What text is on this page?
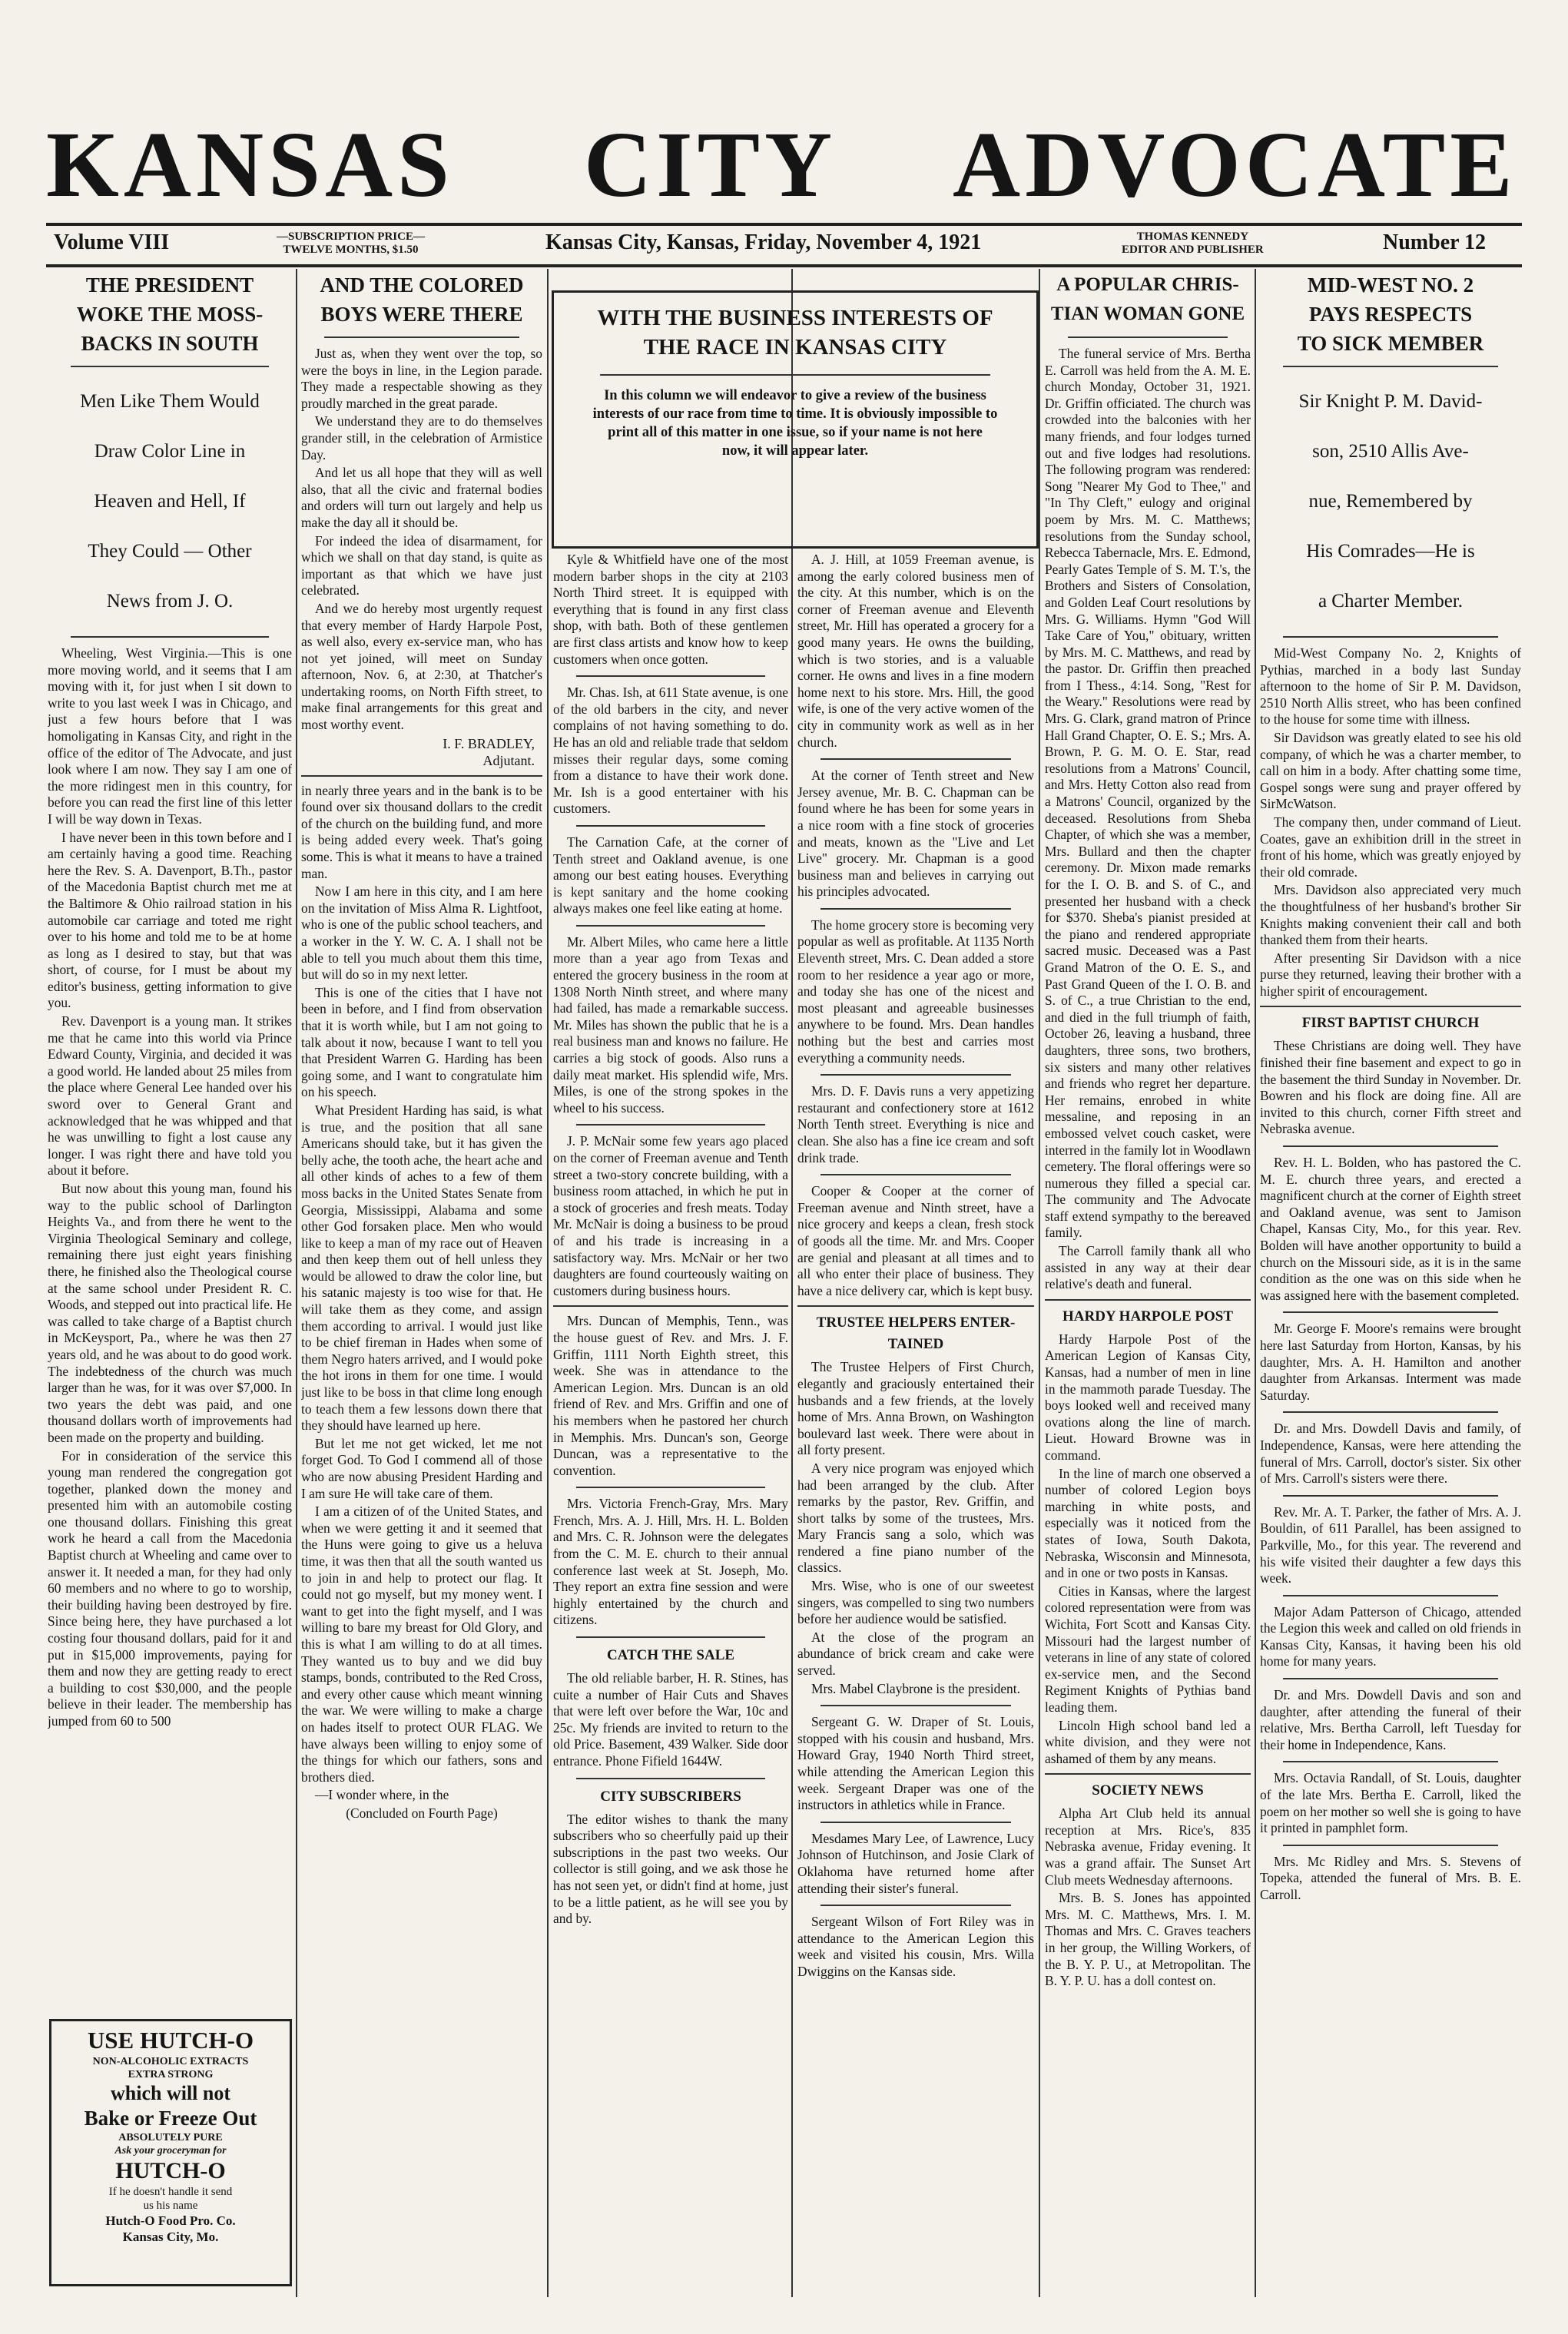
KANSAS CITY ADVOCATE
Volume VIII	—SUBSCRIPTION PRICE—
TWELVE MONTHS, $1.50	Kansas City, Kansas, Friday, November 4, 1921	THOMAS KENNEDY
EDITOR AND PUBLISHER	Number 12

THE PRESIDENT

WOKE THE MOSS-

BACKS IN SOUTH

Men Like Them Would

Draw Color Line in

Heaven and Hell, If

They Could — Other

News from J. O.

Wheeling, West Virginia.—This is one more moving world, and it seems that I am moving with it, for just when I sit down to write to you last week I was in Chicago, and just a few hours before that I was homoligating in Kansas City, and right in the office of the editor of The Advocate, and just look where I am now. They say I am one of the more ridingest men in this country, for before you can read the first line of this letter I will be way down in Texas.

I have never been in this town before and I am certainly having a good time. Reaching here the Rev. S. A. Davenport, B.Th., pastor of the Macedonia Baptist church met me at the Baltimore & Ohio railroad station in his automobile car carriage and toted me right over to his home and told me to be at home as long as I desired to stay, but that was short, of course, for I must be about my editor's business, getting information to give you.

Rev. Davenport is a young man. It strikes me that he came into this world via Prince Edward County, Virginia, and decided it was a good world. He landed about 25 miles from the place where General Lee handed over his sword over to General Grant and acknowledged that he was whipped and that he was unwilling to fight a lost cause any longer. I was right there and have told you about it before.

But now about this young man, found his way to the public school of Darlington Heights Va., and from there he went to the Virginia Theological Seminary and college, remaining there just eight years finishing there, he finished also the Theological course at the same school under President R. C. Woods, and stepped out into practical life. He was called to take charge of a Baptist church in McKeysport, Pa., where he was then 27 years old, and he was about to do good work. The indebtedness of the church was much larger than he was, for it was over $7,000. In two years the debt was paid, and one thousand dollars worth of improvements had been made on the property and building.

For in consideration of the service this young man rendered the congregation got together, planked down the money and presented him with an automobile costing one thousand dollars. Finishing this great work he heard a call from the Macedonia Baptist church at Wheeling and came over to answer it. It needed a man, for they had only 60 members and no where to go to worship, their building having been destroyed by fire. Since being here, they have purchased a lot costing four thousand dollars, paid for it and put in $15,000 improvements, paying for them and now they are getting ready to erect a building to cost $30,000, and the people believe in their leader. The membership has jumped from 60 to 500

USE HUTCH-O
NON-ALCOHOLIC EXTRACTS
EXTRA STRONG
which will not
Bake or Freeze Out
ABSOLUTELY PURE
Ask your groceryman for
HUTCH-O
If he doesn't handle it send
us his name
Hutch-O Food Pro. Co.
Kansas City, Mo.

AND THE COLORED

BOYS WERE THERE

Just as, when they went over the top, so were the boys in line, in the Legion parade. They made a respectable showing as they proudly marched in the great parade.

We understand they are to do themselves grander still, in the celebration of Armistice Day.

And let us all hope that they will as well also, that all the civic and fraternal bodies and orders will turn out largely and help us make the day all it should be.

For indeed the idea of disarmament, for which we shall on that day stand, is quite as important as that which we have just celebrated.

And we do hereby most urgently request that every member of Hardy Harpole Post, as well also, every ex-service man, who has not yet joined, will meet on Sunday afternoon, Nov. 6, at 2:30, at Thatcher's undertaking rooms, on North Fifth street, to make final arrangements for this great and most worthy event.

I. F. BRADLEY,

Adjutant.

in nearly three years and in the bank is to be found over six thousand dollars to the credit of the church on the building fund, and more is being added every week. That's going some. This is what it means to have a trained man.

Now I am here in this city, and I am here on the invitation of Miss Alma R. Lightfoot, who is one of the public school teachers, and a worker in the Y. W. C. A. I shall not be able to tell you much about them this time, but will do so in my next letter.

This is one of the cities that I have not been in before, and I find from observation that it is worth while, but I am not going to talk about it now, because I want to tell you that President Warren G. Harding has been going some, and I want to congratulate him on his speech.

What President Harding has said, is what is true, and the position that all sane Americans should take, but it has given the belly ache, the tooth ache, the heart ache and all other kinds of aches to a few of them moss backs in the United States Senate from Georgia, Mississippi, Alabama and some other God forsaken place. Men who would like to keep a man of my race out of Heaven and then keep them out of hell unless they would be allowed to draw the color line, but his satanic majesty is too wise for that. He will take them as they come, and assign them according to arrival. I would just like to be chief fireman in Hades when some of them Negro haters arrived, and I would poke the hot irons in them for one time. I would just like to be boss in that clime long enough to teach them a few lessons down there that they should have learned up here.

But let me not get wicked, let me not forget God. To God I commend all of those who are now abusing President Harding and I am sure He will take care of them.

I am a citizen of of the United States, and when we were getting it and it seemed that the Huns were going to give us a heluva time, it was then that all the south wanted us to join in and help to protect our flag. It could not go myself, but my money went. I want to get into the fight myself, and I was willing to bare my breast for Old Glory, and this is what I am willing to do at all times. They wanted us to buy and we did buy stamps, bonds, contributed to the Red Cross, and every other cause which meant winning the war. We were willing to make a charge on hades itself to protect OUR FLAG. We have always been willing to enjoy some of the things for which our fathers, sons and brothers died.

—I wonder where, in the

(Concluded on Fourth Page)

WITH THE BUSINESS INTERESTS OF
THE RACE IN KANSAS CITY
In this column we will endeavor to give a review of the business interests of our race from time to time. It is obviously impossible to print all of this matter in one issue, so if your name is not here now, it will appear later.

Kyle & Whitfield have one of the most modern barber shops in the city at 2103 North Third street. It is equipped with everything that is found in any first class shop, with bath. Both of these gentlemen are first class artists and know how to keep customers when once gotten.

Mr. Chas. Ish, at 611 State avenue, is one of the old barbers in the city, and never complains of not having something to do. He has an old and reliable trade that seldom misses their regular days, some coming from a distance to have their work done. Mr. Ish is a good entertainer with his customers.

The Carnation Cafe, at the corner of Tenth street and Oakland avenue, is one among our best eating houses. Everything is kept sanitary and the home cooking always makes one feel like eating at home.

Mr. Albert Miles, who came here a little more than a year ago from Texas and entered the grocery business in the room at 1308 North Ninth street, and where many had failed, has made a remarkable success. Mr. Miles has shown the public that he is a real business man and knows no failure. He carries a big stock of goods. Also runs a daily meat market. His splendid wife, Mrs. Miles, is one of the strong spokes in the wheel to his success.

J. P. McNair some few years ago placed on the corner of Freeman avenue and Tenth street a two-story concrete building, with a business room attached, in which he put in a stock of groceries and fresh meats. Today Mr. McNair is doing a business to be proud of and his trade is increasing in a satisfactory way. Mrs. McNair or her two daughters are found courteously waiting on customers during business hours.

Mrs. Duncan of Memphis, Tenn., was the house guest of Rev. and Mrs. J. F. Griffin, 1111 North Eighth street, this week. She was in attendance to the American Legion. Mrs. Duncan is an old friend of Rev. and Mrs. Griffin and one of his members when he pastored her church in Memphis. Mrs. Duncan's son, George Duncan, was a representative to the convention.

Mrs. Victoria French-Gray, Mrs. Mary French, Mrs. A. J. Hill, Mrs. H. L. Bolden and Mrs. C. R. Johnson were the delegates from the C. M. E. church to their annual conference last week at St. Joseph, Mo. They report an extra fine session and were highly entertained by the church and citizens.

CATCH THE SALE

The old reliable barber, H. R. Stines, has cuite a number of Hair Cuts and Shaves that were left over before the War, 10c and 25c. My friends are invited to return to the old Price. Basement, 439 Walker. Side door entrance. Phone Fifield 1644W.

CITY SUBSCRIBERS

The editor wishes to thank the many subscribers who so cheerfully paid up their subscriptions in the past two weeks. Our collector is still going, and we ask those he has not seen yet, or didn't find at home, just to be a little patient, as he will see you by and by.

A. J. Hill, at 1059 Freeman avenue, is among the early colored business men of the city. At this number, which is on the corner of Freeman avenue and Eleventh street, Mr. Hill has operated a grocery for a good many years. He owns the building, which is two stories, and is a valuable corner. He owns and lives in a fine modern home next to his store. Mrs. Hill, the good wife, is one of the very active women of the city in community work as well as in her church.

At the corner of Tenth street and New Jersey avenue, Mr. B. C. Chapman can be found where he has been for some years in a nice room with a fine stock of groceries and meats, known as the "Live and Let Live" grocery. Mr. Chapman is a good business man and believes in carrying out his principles advocated.

The home grocery store is becoming very popular as well as profitable. At 1135 North Eleventh street, Mrs. C. Dean added a store room to her residence a year ago or more, and today she has one of the nicest and most pleasant and agreeable businesses anywhere to be found. Mrs. Dean handles nothing but the best and carries most everything a community needs.

Mrs. D. F. Davis runs a very appetizing restaurant and confectionery store at 1612 North Tenth street. Everything is nice and clean. She also has a fine ice cream and soft drink trade.

Cooper & Cooper at the corner of Freeman avenue and Ninth street, have a nice grocery and keeps a clean, fresh stock of goods all the time. Mr. and Mrs. Cooper are genial and pleasant at all times and to all who enter their place of business. They have a nice delivery car, which is kept busy.

TRUSTEE HELPERS ENTER-

TAINED

The Trustee Helpers of First Church, elegantly and graciously entertained their husbands and a few friends, at the lovely home of Mrs. Anna Brown, on Washington boulevard last week. There were about in all forty present.

A very nice program was enjoyed which had been arranged by the club. After remarks by the pastor, Rev. Griffin, and short talks by some of the trustees, Mrs. Mary Francis sang a solo, which was rendered a fine piano number of the classics.

Mrs. Wise, who is one of our sweetest singers, was compelled to sing two numbers before her audience would be satisfied.

At the close of the program an abundance of brick cream and cake were served.

Mrs. Mabel Claybrone is the president.

Sergeant G. W. Draper of St. Louis, stopped with his cousin and husband, Mrs. Howard Gray, 1940 North Third street, while attending the American Legion this week. Sergeant Draper was one of the instructors in athletics while in France.

Mesdames Mary Lee, of Lawrence, Lucy Johnson of Hutchinson, and Josie Clark of Oklahoma have returned home after attending their sister's funeral.

Sergeant Wilson of Fort Riley was in attendance to the American Legion this week and visited his cousin, Mrs. Willa Dwiggins on the Kansas side.

A POPULAR CHRIS-

TIAN WOMAN GONE

The funeral service of Mrs. Bertha E. Carroll was held from the A. M. E. church Monday, October 31, 1921. Dr. Griffin officiated. The church was crowded into the balconies with her many friends, and four lodges turned out and five lodges had resolutions. The following program was rendered: Song "Nearer My God to Thee," and "In Thy Cleft," eulogy and original poem by Mrs. M. C. Matthews; resolutions from the Sunday school, Rebecca Tabernacle, Mrs. E. Edmond, Pearly Gates Temple of S. M. T.'s, the Brothers and Sisters of Consolation, and Golden Leaf Court resolutions by Mrs. G. Williams. Hymn "God Will Take Care of You," obituary, written by Mrs. M. C. Matthews, and read by the pastor. Dr. Griffin then preached from I Thess., 4:14. Song, "Rest for the Weary." Resolutions were read by Mrs. G. Clark, grand matron of Prince Hall Grand Chapter, O. E. S.; Mrs. A. Brown, P. G. M. O. E. Star, read resolutions from a Matrons' Council, and Mrs. Hetty Cotton also read from a Matrons' Council, organized by the deceased. Resolutions from Sheba Chapter, of which she was a member, Mrs. Bullard and then the chapter ceremony. Dr. Mixon made remarks for the I. O. B. and S. of C., and presented her husband with a check for $370. Sheba's pianist presided at the piano and rendered appropriate sacred music. Deceased was a Past Grand Matron of the O. E. S., and Past Grand Queen of the I. O. B. and S. of C., a true Christian to the end, and died in the full triumph of faith, October 26, leaving a husband, three daughters, three sons, two brothers, six sisters and many other relatives and friends who regret her departure. Her remains, enrobed in white messaline, and reposing in an embossed velvet couch casket, were interred in the family lot in Woodlawn cemetery. The floral offerings were so numerous they filled a special car. The community and The Advocate staff extend sympathy to the bereaved family.

The Carroll family thank all who assisted in any way at their dear relative's death and funeral.

HARDY HARPOLE POST

Hardy Harpole Post of the American Legion of Kansas City, Kansas, had a number of men in line in the mammoth parade Tuesday. The boys looked well and received many ovations along the line of march. Lieut. Howard Browne was in command.

In the line of march one observed a number of colored Legion boys marching in white posts, and especially was it noticed from the states of Iowa, South Dakota, Nebraska, Wisconsin and Minnesota, and in one or two posts in Kansas.

Cities in Kansas, where the largest colored representation were from was Wichita, Fort Scott and Kansas City. Missouri had the largest number of veterans in line of any state of colored ex-service men, and the Second Regiment Knights of Pythias band leading them.

Lincoln High school band led a white division, and they were not ashamed of them by any means.

SOCIETY NEWS

Alpha Art Club held its annual reception at Mrs. Rice's, 835 Nebraska avenue, Friday evening. It was a grand affair. The Sunset Art Club meets Wednesday afternoons.

Mrs. B. S. Jones has appointed Mrs. M. C. Matthews, Mrs. I. M. Thomas and Mrs. C. Graves teachers in her group, the Willing Workers, of the B. Y. P. U., at Metropolitan. The B. Y. P. U. has a doll contest on.

MID-WEST NO. 2

PAYS RESPECTS

TO SICK MEMBER

Sir Knight P. M. David-

son, 2510 Allis Ave-

nue, Remembered by

His Comrades—He is

a Charter Member.

Mid-West Company No. 2, Knights of Pythias, marched in a body last Sunday afternoon to the home of Sir P. M. Davidson, 2510 North Allis street, who has been confined to the house for some time with illness.

Sir Davidson was greatly elated to see his old company, of which he was a charter member, to call on him in a body. After chatting some time, Gospel songs were sung and prayer offered by SirMcWatson.

The company then, under command of Lieut. Coates, gave an exhibition drill in the street in front of his home, which was greatly enjoyed by their old comrade.

Mrs. Davidson also appreciated very much the thoughtfulness of her husband's brother Sir Knights making convenient their call and both thanked them from their hearts.

After presenting Sir Davidson with a nice purse they returned, leaving their brother with a higher spirit of encouragement.

FIRST BAPTIST CHURCH

These Christians are doing well. They have finished their fine basement and expect to go in the basement the third Sunday in November. Dr. Bowren and his flock are doing fine. All are invited to this church, corner Fifth street and Nebraska avenue.

Rev. H. L. Bolden, who has pastored the C. M. E. church three years, and erected a magnificent church at the corner of Eighth street and Oakland avenue, was sent to Jamison Chapel, Kansas City, Mo., for this year. Rev. Bolden will have another opportunity to build a church on the Missouri side, as it is in the same condition as the one was on this side when he was assigned here with the basement completed.

Mr. George F. Moore's remains were brought here last Saturday from Horton, Kansas, by his daughter, Mrs. A. H. Hamilton and another daughter from Arkansas. Interment was made Saturday.

Dr. and Mrs. Dowdell Davis and family, of Independence, Kansas, were here attending the funeral of Mrs. Carroll, doctor's sister. Six other of Mrs. Carroll's sisters were there.

Rev. Mr. A. T. Parker, the father of Mrs. A. J. Bouldin, of 611 Parallel, has been assigned to Parkville, Mo., for this year. The reverend and his wife visited their daughter a few days this week.

Major Adam Patterson of Chicago, attended the Legion this week and called on old friends in Kansas City, Kansas, it having been his old home for many years.

Dr. and Mrs. Dowdell Davis and son and daughter, after attending the funeral of their relative, Mrs. Bertha Carroll, left Tuesday for their home in Independence, Kans.

Mrs. Octavia Randall, of St. Louis, daughter of the late Mrs. Bertha E. Carroll, liked the poem on her mother so well she is going to have it printed in pamphlet form.

Mrs. Mc Ridley and Mrs. S. Stevens of Topeka, attended the funeral of Mrs. B. E. Carroll.
